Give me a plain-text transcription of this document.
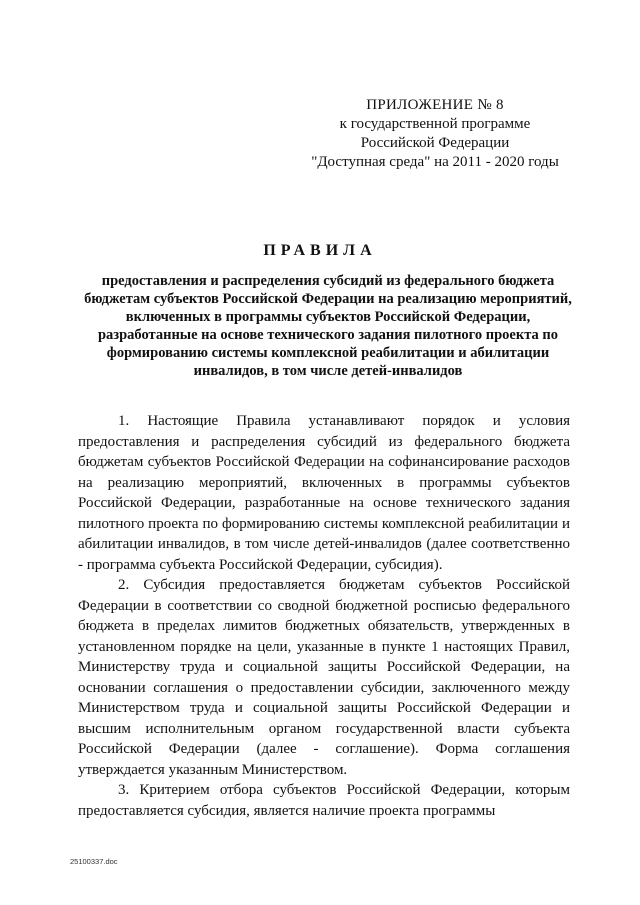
ПРИЛОЖЕНИЕ № 8
к государственной программе
Российской Федерации
"Доступная среда" на 2011 - 2020 годы
ПРАВИЛА
предоставления и распределения субсидий из федерального бюджета бюджетам субъектов Российской Федерации на реализацию мероприятий, включенных в программы субъектов Российской Федерации, разработанные на основе технического задания пилотного проекта по формированию системы комплексной реабилитации и абилитации инвалидов, в том числе детей-инвалидов

1. Настоящие Правила устанавливают порядок и условия предоставления и распределения субсидий из федерального бюджета бюджетам субъектов Российской Федерации на софинансирование расходов на реализацию мероприятий, включенных в программы субъектов Российской Федерации, разработанные на основе технического задания пилотного проекта по формированию системы комплексной реабилитации и абилитации инвалидов, в том числе детей-инвалидов (далее соответственно - программа субъекта Российской Федерации, субсидия).

2. Субсидия предоставляется бюджетам субъектов Российской Федерации в соответствии со сводной бюджетной росписью федерального бюджета в пределах лимитов бюджетных обязательств, утвержденных в установленном порядке на цели, указанные в пункте 1 настоящих Правил, Министерству труда и социальной защиты Российской Федерации, на основании соглашения о предоставлении субсидии, заключенного между Министерством труда и социальной защиты Российской Федерации и высшим исполнительным органом государственной власти субъекта Российской Федерации (далее - соглашение). Форма соглашения утверждается указанным Министерством.

3. Критерием отбора субъектов Российской Федерации, которым предоставляется субсидия, является наличие проекта программы

25100337.doc
